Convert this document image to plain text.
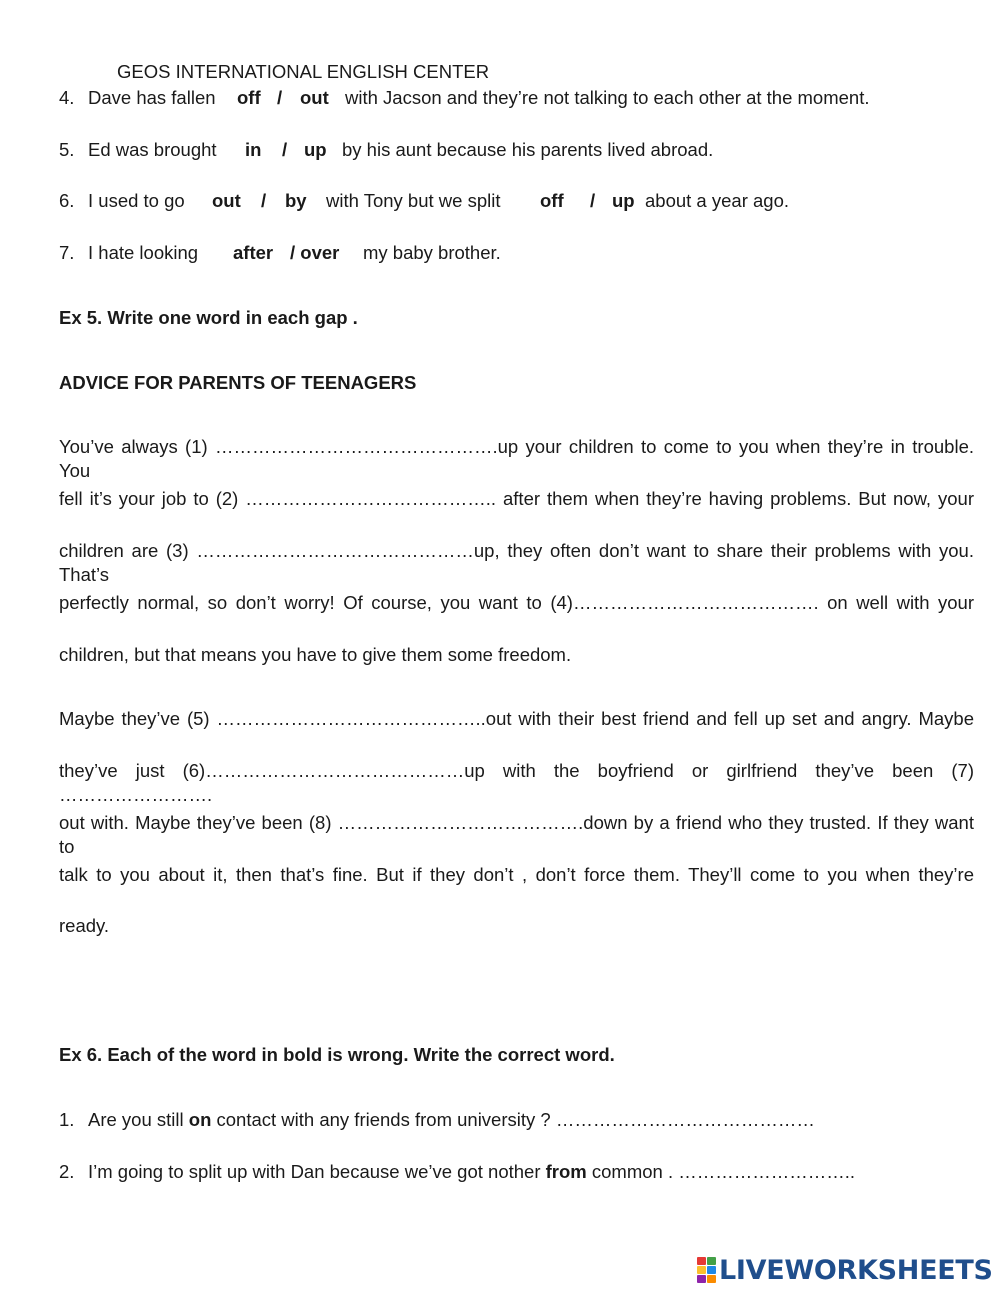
GEOS INTERNATIONAL ENGLISH CENTER
4. Dave has fallen off / out with Jacson and they’re not talking to each other at the moment.
5. Ed was brought in / up by his aunt because his parents lived abroad.
6. I used to go out / by with Tony but we split off / up about a year ago.
7. I hate looking after / over my baby brother.
Ex 5. Write one word in each gap .
ADVICE FOR PARENTS OF TEENAGERS
You’ve always (1) ……………………………………….up your children to come to you when they’re in trouble. You
fell it’s your job to (2) ………………………………….. after them when they’re having problems. But now, your
children are (3) ………………………………………up, they often don’t want to share their problems with you. That’s
perfectly normal, so don’t worry! Of course, you want to (4)…………………………………. on well with your
children, but that means you have to give them some freedom.
Maybe they’ve (5) ……………………………………..out with their best friend and fell up set and angry. Maybe
they’ve just (6)……………………………………up with the boyfriend or girlfriend they’ve been (7) …………………….
out with. Maybe they’ve been (8) ………………………………….down by a friend who they trusted. If they want to
talk to you about it, then that’s fine. But if they don’t , don’t force them. They’ll come to you when they’re
ready.
Ex 6. Each of the word in bold is wrong. Write the correct word.
1. Are you still on contact with any friends from university ? ……………………………………
2. I’m going to split up with Dan because we’ve got nother from common . ………………………..
LIVEWORKSHEETS
